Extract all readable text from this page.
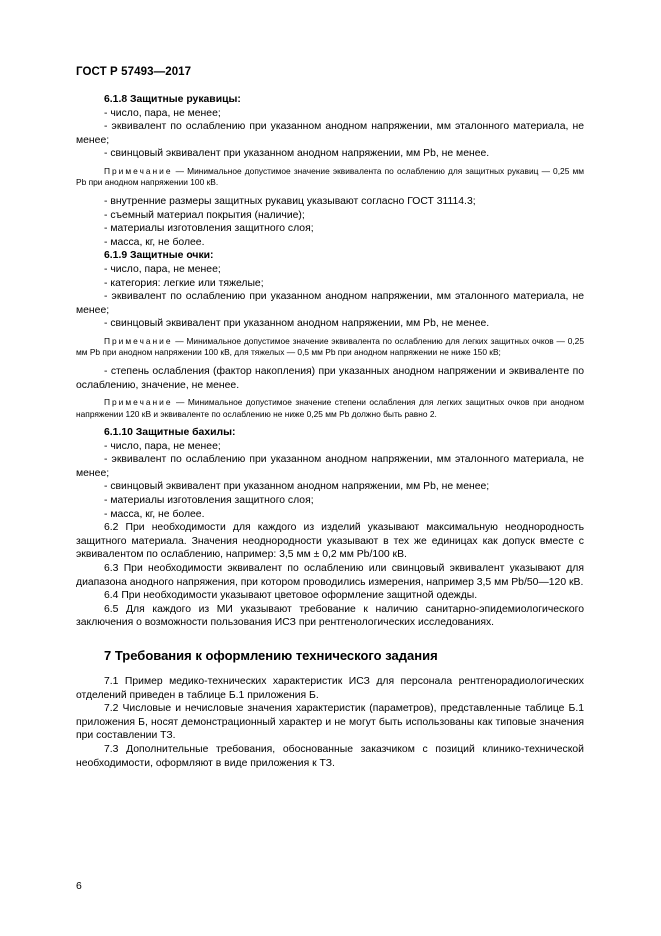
ГОСТ Р 57493—2017
6.1.8 Защитные рукавицы:
- число, пара, не менее;
- эквивалент по ослаблению при указанном анодном напряжении, мм эталонного материала, не менее;
- свинцовый эквивалент при указанном анодном напряжении, мм Pb, не менее.
Примечание — Минимальное допустимое значение эквивалента по ослаблению для защитных рукавиц — 0,25 мм Pb при анодном напряжении 100 кВ.
- внутренние размеры защитных рукавиц указывают согласно ГОСТ 31114.3;
- съемный материал покрытия (наличие);
- материалы изготовления защитного слоя;
- масса, кг, не более.
6.1.9 Защитные очки:
- число, пара, не менее;
- категория: легкие или тяжелые;
- эквивалент по ослаблению при указанном анодном напряжении, мм эталонного материала, не менее;
- свинцовый эквивалент при указанном анодном напряжении, мм Pb, не менее.
Примечание — Минимальное допустимое значение эквивалента по ослаблению для легких защитных очков — 0,25 мм Pb при анодном напряжении 100 кВ, для тяжелых — 0,5 мм Pb при анодном напряжении не ниже 150 кВ;
- степень ослабления (фактор накопления) при указанных анодном напряжении и эквиваленте по ослаблению, значение, не менее.
Примечание — Минимальное допустимое значение степени ослабления для легких защитных очков при анодном напряжении 120 кВ и эквиваленте по ослаблению не ниже 0,25 мм Pb должно быть равно 2.
6.1.10 Защитные бахилы:
- число, пара, не менее;
- эквивалент по ослаблению при указанном анодном напряжении, мм эталонного материала, не менее;
- свинцовый эквивалент при указанном анодном напряжении, мм Pb, не менее;
- материалы изготовления защитного слоя;
- масса, кг, не более.
6.2 При необходимости для каждого из изделий указывают максимальную неоднородность защитного материала. Значения неоднородности указывают в тех же единицах как допуск вместе с эквивалентом по ослаблению, например: 3,5 мм ± 0,2 мм Pb/100 кВ.
6.3 При необходимости эквивалент по ослаблению или свинцовый эквивалент указывают для диапазона анодного напряжения, при котором проводились измерения, например 3,5 мм Pb/50—120 кВ.
6.4 При необходимости указывают цветовое оформление защитной одежды.
6.5 Для каждого из МИ указывают требование к наличию санитарно-эпидемиологического заключения о возможности пользования ИСЗ при рентгенологических исследованиях.
7 Требования к оформлению технического задания
7.1 Пример медико-технических характеристик ИСЗ для персонала рентгенорадиологических отделений приведен в таблице Б.1 приложения Б.
7.2 Числовые и нечисловые значения характеристик (параметров), представленные таблице Б.1 приложения Б, носят демонстрационный характер и не могут быть использованы как типовые значения при составлении ТЗ.
7.3 Дополнительные требования, обоснованные заказчиком с позиций клинико-технической необходимости, оформляют в виде приложения к ТЗ.
6
